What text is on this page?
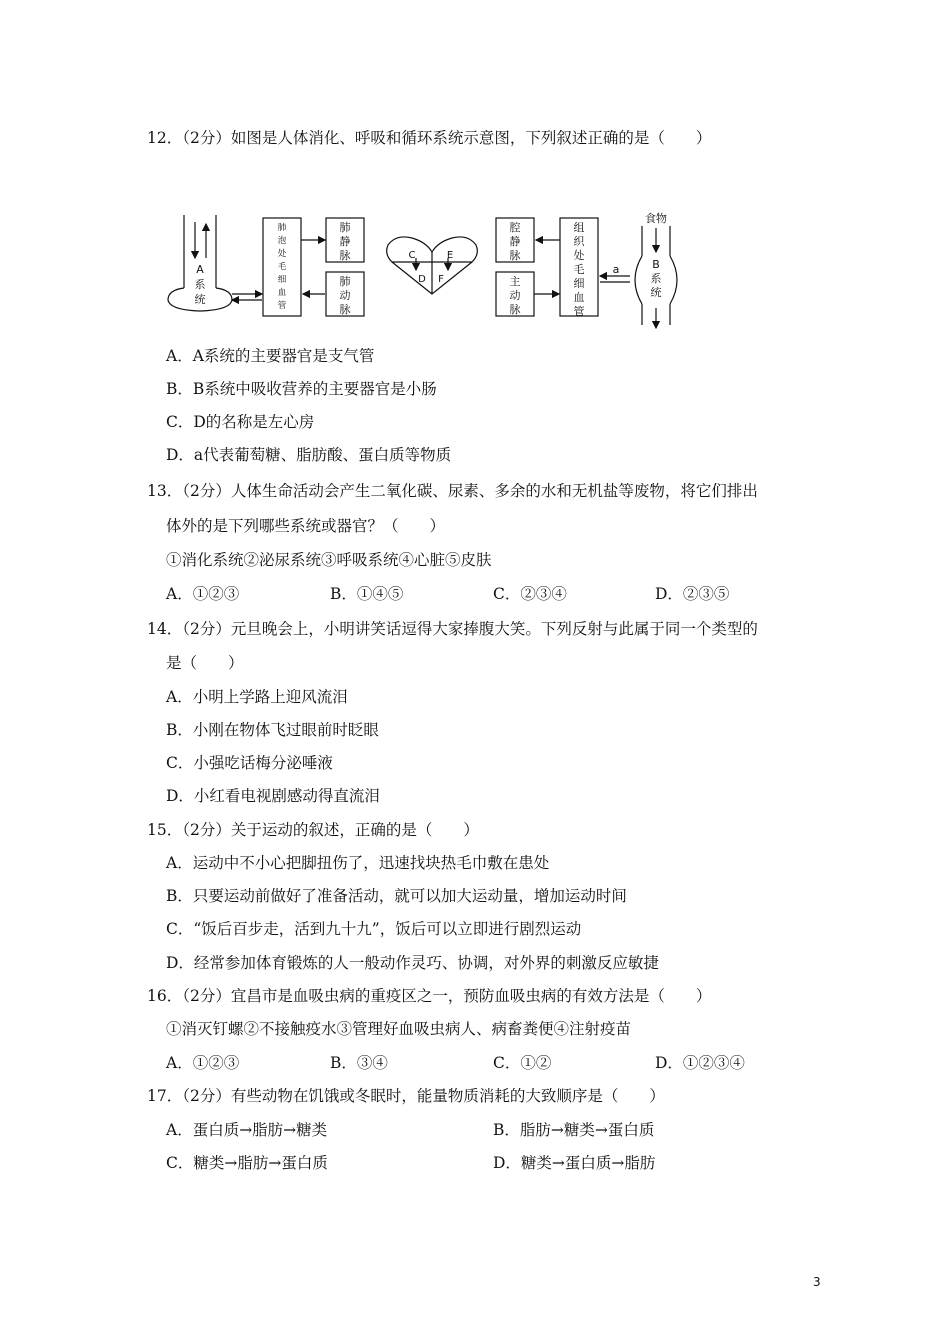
12．（2分）如图是人体消化、呼吸和循环系统示意图，下列叙述正确的是（　　）
A
系
统
肺
泡
处
毛
细
血
管
肺
静
脉
肺
动
脉
C	E
D F
腔
静
脉
主
动
脉
组
织
处
毛
细
血
管
a
食物
B
系
统
A．A系统的主要器官是支气管
B．B系统中吸收营养的主要器官是小肠
C．D的名称是左心房
D．a代表葡萄糖、脂肪酸、蛋白质等物质
13．（2分）人体生命活动会产生二氧化碳、尿素、多余的水和无机盐等废物，将它们排出
体外的是下列哪些系统或器官？（　　）
①消化系统②泌尿系统③呼吸系统④心脏⑤皮肤
A．①②③	B．①④⑤	C．②③④	D．②③⑤
14．（2分）元旦晚会上，小明讲笑话逗得大家捧腹大笑。下列反射与此属于同一个类型的
是（　　）
A．小明上学路上迎风流泪
B．小刚在物体飞过眼前时眨眼
C．小强吃话梅分泌唾液
D．小红看电视剧感动得直流泪
15．（2分）关于运动的叙述，正确的是（　　）
A．运动中不小心把脚扭伤了，迅速找块热毛巾敷在患处
B．只要运动前做好了准备活动，就可以加大运动量，增加运动时间
C．“饭后百步走，活到九十九”，饭后可以立即进行剧烈运动
D．经常参加体育锻炼的人一般动作灵巧、协调，对外界的刺激反应敏捷
16．（2分）宜昌市是血吸虫病的重疫区之一，预防血吸虫病的有效方法是（　　）
①消灭钉螺②不接触疫水③管理好血吸虫病人、病畜粪便④注射疫苗
A．①②③	B．③④	C．①②	D．①②③④
17．（2分）有些动物在饥饿或冬眠时，能量物质消耗的大致顺序是（　　）
A．蛋白质→脂肪→糖类	B．脂肪→糖类→蛋白质
C．糖类→脂肪→蛋白质	D．糖类→蛋白质→脂肪
3
